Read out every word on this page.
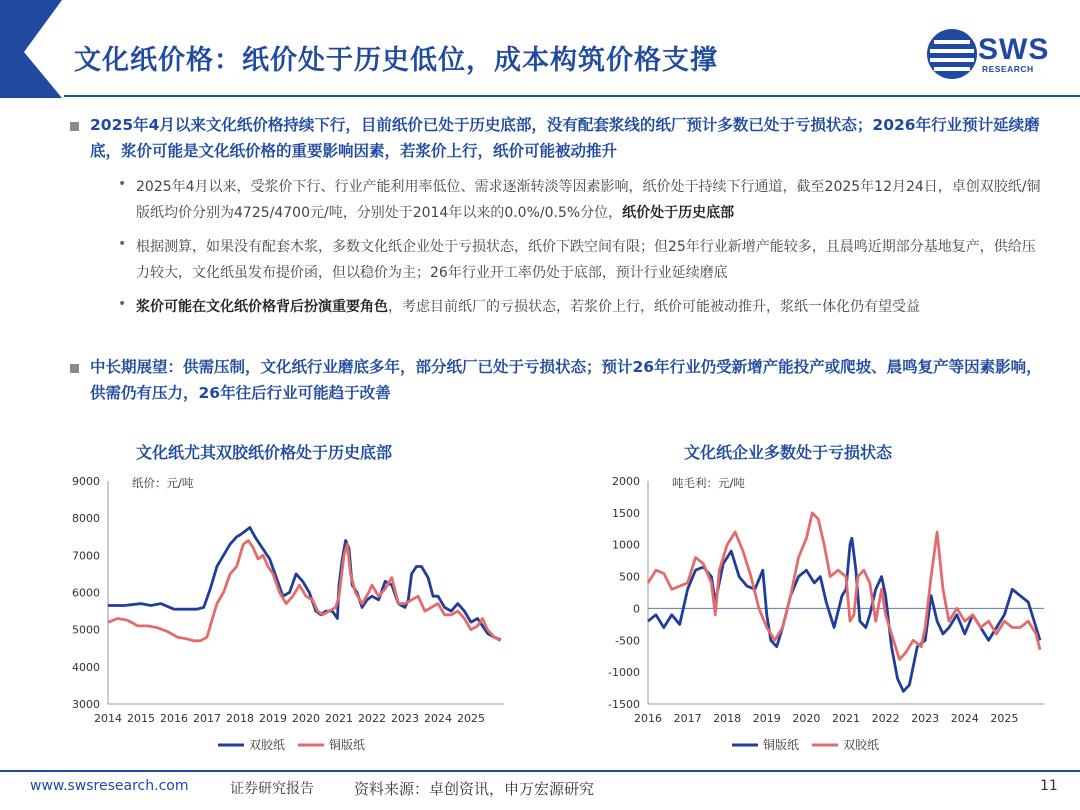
文化纸价格：纸价处于历史低位，成本构筑价格支撑	SWS
RESEARCH
2025年4月以来文化纸价格持续下行，目前纸价已处于历史底部，没有配套浆线的纸厂预计多数已处于亏损状态；2026年行业预计延续磨底，浆价可能是文化纸价格的重要影响因素，若浆价上行，纸价可能被动推升
• 2025年4月以来，受浆价下行、行业产能利用率低位、需求逐渐转淡等因素影响，纸价处于持续下行通道，截至2025年12月24日，卓创双胶纸/铜版纸均价分别为4725/4700元/吨，分别处于2014年以来的0.0%/0.5%分位，纸价处于历史底部
• 根据测算，如果没有配套木浆，多数文化纸企业处于亏损状态，纸价下跌空间有限；但25年行业新增产能较多，且晨鸣近期部分基地复产，供给压力较大，文化纸虽发布提价函，但以稳价为主；26年行业开工率仍处于底部，预计行业延续磨底
• 浆价可能在文化纸价格背后扮演重要角色，考虑目前纸厂的亏损状态，若浆价上行，纸价可能被动推升，浆纸一体化仍有望受益
中长期展望：供需压制，文化纸行业磨底多年，部分纸厂已处于亏损状态；预计26年行业仍受新增产能投产或爬坡、晨鸣复产等因素影响，供需仍有压力，26年往后行业可能趋于改善
文化纸尤其双胶纸价格处于历史底部	文化纸企业多数处于亏损状态
3000
4000
5000
6000
7000
8000
9000
2014 2015 2016 2017 2018 2019 2020 2021 2022 2023 2024 2025
纸价：元/吨
双胶纸	铜版纸
-1500
-1000
-500
0
500
1000
1500
2000
2016 2017 2018 2019 2020 2021 2022 2023 2024 2025
吨毛利：元/吨
铜版纸	双胶纸
www.swsresearch.com	证券研究报告	资料来源：卓创资讯，申万宏源研究	11
